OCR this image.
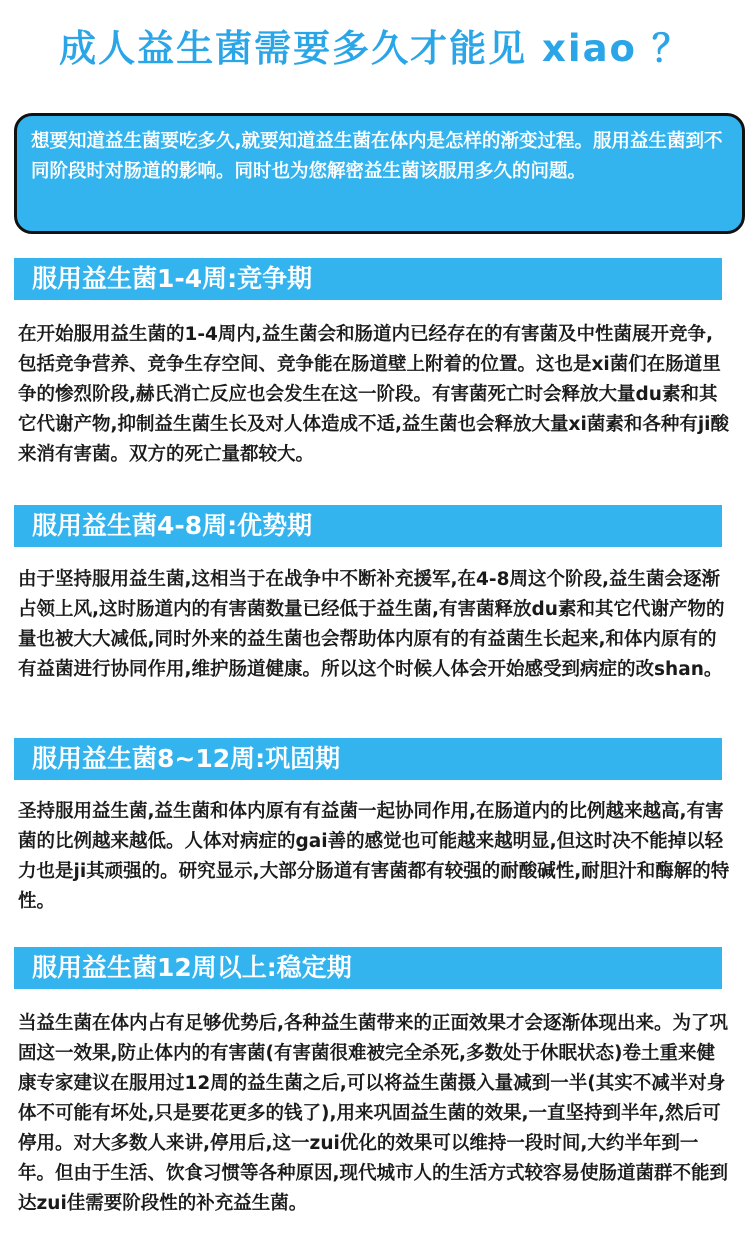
成人益生菌需要多久才能见 xiao ？

想要知道益生菌要吃多久,就要知道益生菌在体内是怎样的渐变过程。服用益生菌到不同阶段时对肠道的影响。同时也为您解密益生菌该服用多久的问题。

服用益生菌1-4周:竞争期

在开始服用益生菌的1-4周内,益生菌会和肠道内已经存在的有害菌及中性菌展开竞争,包括竞争营养、竞争生存空间、竞争能在肠道壁上附着的位置。这也是xi菌们在肠道里争的惨烈阶段,赫氏消亡反应也会发生在这一阶段。有害菌死亡时会释放大量du素和其它代谢产物,抑制益生菌生长及对人体造成不适,益生菌也会释放大量xi菌素和各种有ji酸来消有害菌。双方的死亡量都较大。

服用益生菌4-8周:优势期

由于坚持服用益生菌,这相当于在战争中不断补充援军,在4-8周这个阶段,益生菌会逐渐占领上风,这时肠道内的有害菌数量已经低于益生菌,有害菌释放du素和其它代谢产物的量也被大大减低,同时外来的益生菌也会帮助体内原有的有益菌生长起来,和体内原有的有益菌进行协同作用,维护肠道健康。所以这个时候人体会开始感受到病症的改shan。

服用益生菌8~12周:巩固期

圣持服用益生菌,益生菌和体内原有有益菌一起协同作用,在肠道内的比例越来越高,有害菌的比例越来越低。人体对病症的gai善的感觉也可能越来越明显,但这时决不能掉以轻力也是ji其顽强的。研究显示,大部分肠道有害菌都有较强的耐酸碱性,耐胆汁和酶解的特性。

服用益生菌12周以上:稳定期

当益生菌在体内占有足够优势后,各种益生菌带来的正面效果才会逐渐体现出来。为了巩固这一效果,防止体内的有害菌(有害菌很难被完全杀死,多数处于休眠状态)卷土重来健康专家建议在服用过12周的益生菌之后,可以将益生菌摄入量减到一半(其实不减半对身体不可能有坏处,只是要花更多的钱了),用来巩固益生菌的效果,一直坚持到半年,然后可停用。对大多数人来讲,停用后,这一zui优化的效果可以维持一段时间,大约半年到一年。但由于生活、饮食习惯等各种原因,现代城市人的生活方式较容易使肠道菌群不能到达zui佳需要阶段性的补充益生菌。
